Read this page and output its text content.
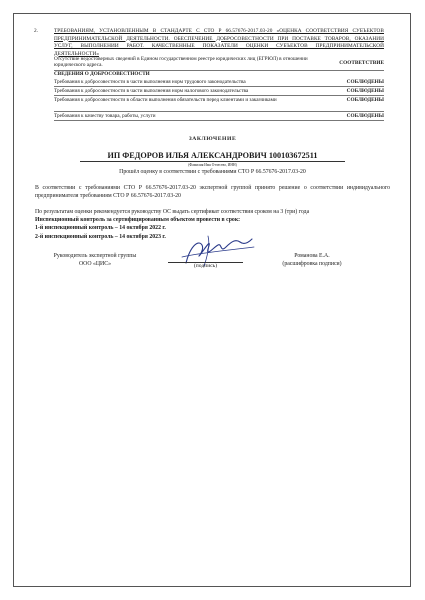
2.	ТРЕБОВАНИЯМ, УСТАНОВЛЕННЫМ В СТАНДАРТЕ С СТО Р 66.57676-2017.03-20 «ОЦЕНКА СООТВЕТСТВИЯ СУБЪЕКТОВ ПРЕДПРИНИМАТЕЛЬСКОЙ ДЕЯТЕЛЬНОСТИ. ОБЕСПЕЧЕНИЕ ДОБРОСОВЕСТНОСТИ ПРИ ПОСТАВКЕ ТОВАРОВ, ОКАЗАНИИ УСЛУГ, ВЫПОЛНЕНИИ РАБОТ. КАЧЕСТВЕННЫЕ ПОКАЗАТЕЛИ ОЦЕНКИ СУБЪЕКТОВ ПРЕДПРИНИМАТЕЛЬСКОЙ ДЕЯТЕЛЬНОСТИ»
Отсутствие недостоверных сведений в Едином государственном реестре юридических лиц (ЕГРЮЛ) в отношении юридического адреса.	СООТВЕТСТВИЕ
СВЕДЕНИЯ О ДОБРОСОВЕСТНОСТИ
Требования к добросовестности в части выполнения норм трудового законодательства	СОБЛЮДЕНЫ
Требования к добросовестности в части выполнения норм налогового законодательства	СОБЛЮДЕНЫ
Требования к добросовестности в области выполнения обязательств перед клиентами и заказчиками	СОБЛЮДЕНЫ
Требования к качеству товара, работы, услуги	СОБЛЮДЕНЫ
ЗАКЛЮЧЕНИЕ
ИП ФЕДОРОВ ИЛЬЯ АЛЕКСАНДРОВИЧ 100103672511
(Фамилия Имя Отчество, ИНН)
Прошёл оценку в соответствии с требованиями СТО Р 66.57676-2017.03-20
В соответствии с требованиями СТО Р 66.57676-2017.03-20 экспертной группой принято решение о соответствии индивидуального предпринимателя требованиям СТО Р 66.57676-2017.03-20
По результатам оценки рекомендуется руководству ОС выдать сертификат соответствия сроком на 3 (три) года
Инспекционный контроль за сертифицированным объектом провести в срок:
1-й инспекционный контроль – 14 октября 2022 г.
2-й инспекционный контроль – 14 октября 2023 г.
Руководитель экспертной группы
ООО «ЦИС»	(подпись)
Романова Е.А.
(расшифровка подписи)
